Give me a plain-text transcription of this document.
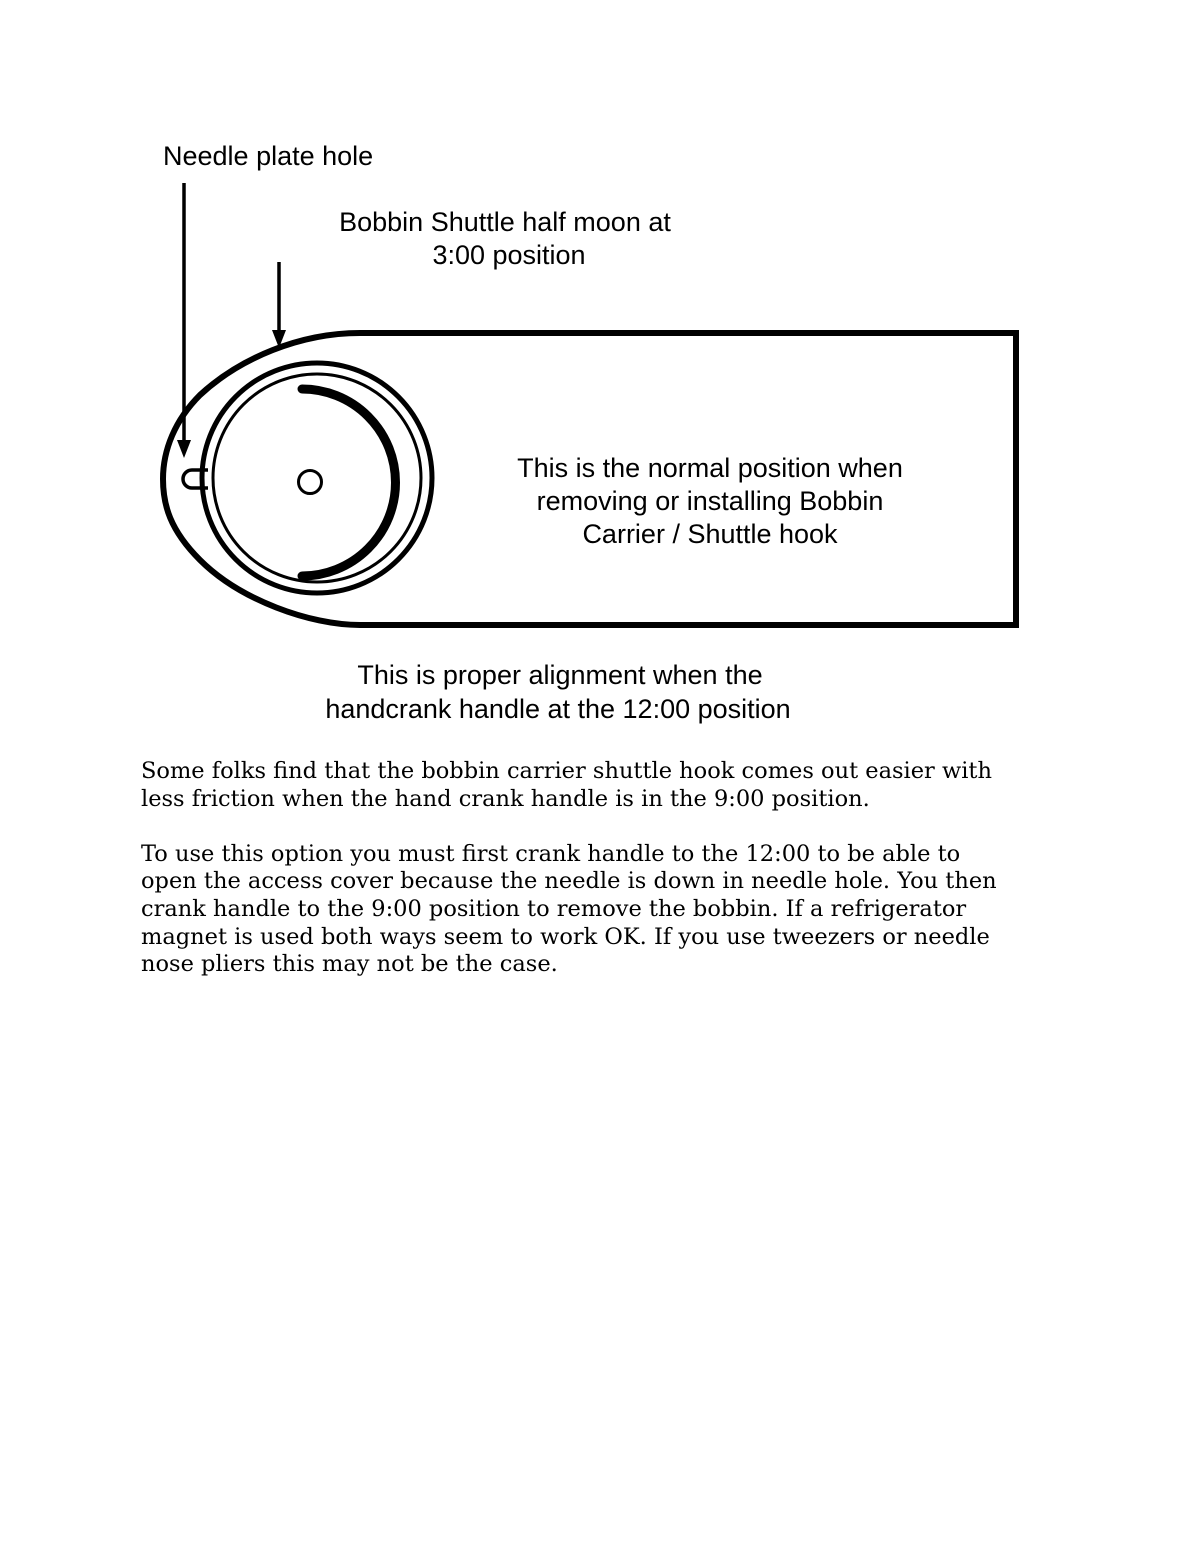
Needle plate hole
Bobbin Shuttle half moon at
3:00 position
This is the normal position when
removing or installing Bobbin
Carrier / Shuttle hook
This is proper alignment when the
handcrank handle at the 12:00 position

Some folks find that the bobbin carrier shuttle hook comes out easier with
less friction when the hand crank handle is in the 9:00 position.

To use this option you must first crank handle to the 12:00 to be able to
open the access cover because the needle is down in needle hole. You then
crank handle to the 9:00 position to remove the bobbin. If a refrigerator
magnet is used both ways seem to work OK. If you use tweezers or needle
nose pliers this may not be the case.
